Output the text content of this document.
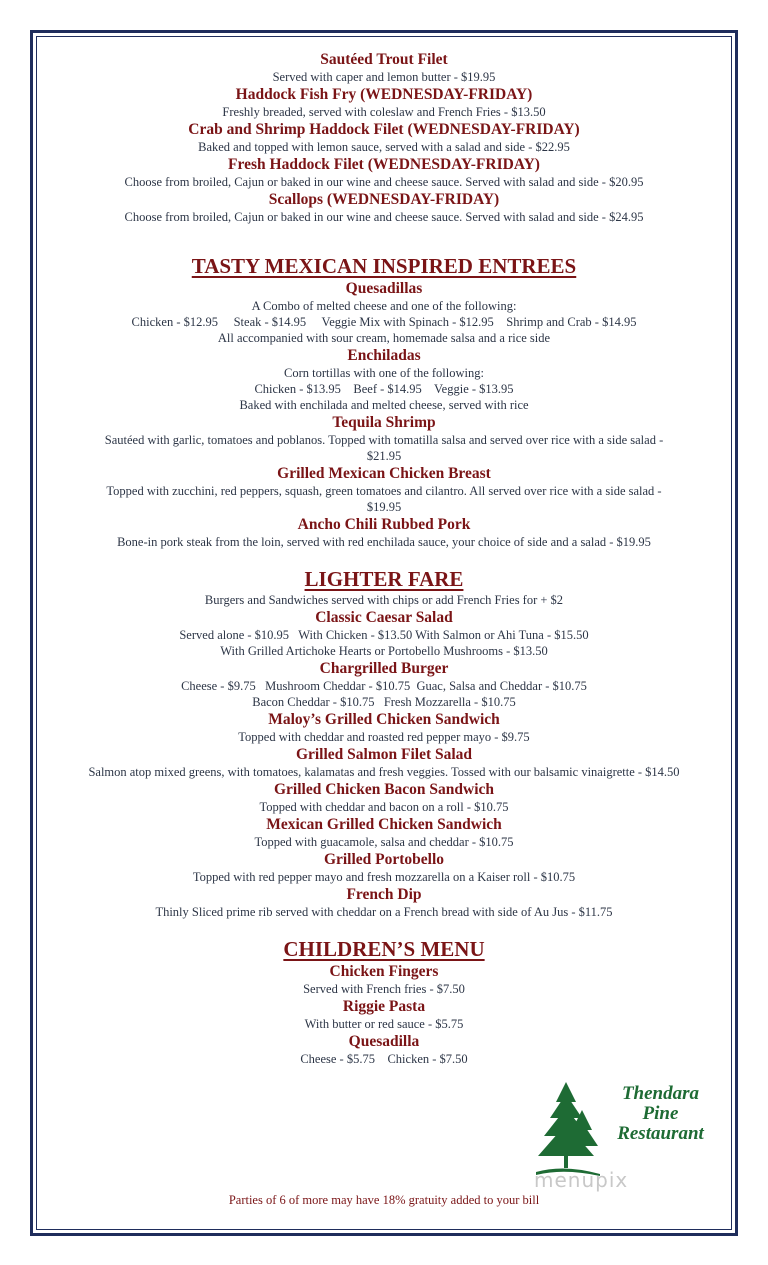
Sautéed Trout Filet
Served with caper and lemon butter - $19.95
Haddock Fish Fry (WEDNESDAY-FRIDAY)
Freshly breaded, served with coleslaw and French Fries - $13.50
Crab and Shrimp Haddock Filet (WEDNESDAY-FRIDAY)
Baked and topped with lemon sauce, served with a salad and side - $22.95
Fresh Haddock Filet (WEDNESDAY-FRIDAY)
Choose from broiled, Cajun or baked in our wine and cheese sauce. Served with salad and side - $20.95
Scallops (WEDNESDAY-FRIDAY)
Choose from broiled, Cajun or baked in our wine and cheese sauce. Served with salad and side - $24.95
TASTY MEXICAN INSPIRED ENTREES
Quesadillas
A Combo of melted cheese and one of the following:
Chicken - $12.95     Steak - $14.95     Veggie Mix with Spinach - $12.95    Shrimp and Crab - $14.95
All accompanied with sour cream, homemade salsa and a rice side
Enchiladas
Corn tortillas with one of the following:
Chicken - $13.95    Beef - $14.95    Veggie - $13.95
Baked with enchilada and melted cheese, served with rice
Tequila Shrimp
Sautéed with garlic, tomatoes and poblanos. Topped with tomatilla salsa and served over rice with a side salad - $21.95
Grilled Mexican Chicken Breast
Topped with zucchini, red peppers, squash, green tomatoes and cilantro. All served over rice with a side salad - $19.95
Ancho Chili Rubbed Pork
Bone-in pork steak from the loin, served with red enchilada sauce, your choice of side and a salad - $19.95
LIGHTER FARE
Burgers and Sandwiches served with chips or add French Fries for + $2
Classic Caesar Salad
Served alone - $10.95   With Chicken - $13.50 With Salmon or Ahi Tuna - $15.50
With Grilled Artichoke Hearts or Portobello Mushrooms - $13.50
Chargrilled Burger
Cheese - $9.75   Mushroom Cheddar - $10.75  Guac, Salsa and Cheddar - $10.75
Bacon Cheddar - $10.75   Fresh Mozzarella - $10.75
Maloy’s Grilled Chicken Sandwich
Topped with cheddar and roasted red pepper mayo - $9.75
Grilled Salmon Filet Salad
Salmon atop mixed greens, with tomatoes, kalamatas and fresh veggies. Tossed with our balsamic vinaigrette - $14.50
Grilled Chicken Bacon Sandwich
Topped with cheddar and bacon on a roll - $10.75
Mexican Grilled Chicken Sandwich
Topped with guacamole, salsa and cheddar - $10.75
Grilled Portobello
Topped with red pepper mayo and fresh mozzarella on a Kaiser roll - $10.75
French Dip
Thinly Sliced prime rib served with cheddar on a French bread with side of Au Jus - $11.75
CHILDREN’S MENU
Chicken Fingers
Served with French fries - $7.50
Riggie Pasta
With butter or red sauce - $5.75
Quesadilla
Cheese - $5.75    Chicken - $7.50
Thendara
Pine
Restaurant
menupix
Parties of 6 of more may have 18% gratuity added to your bill
